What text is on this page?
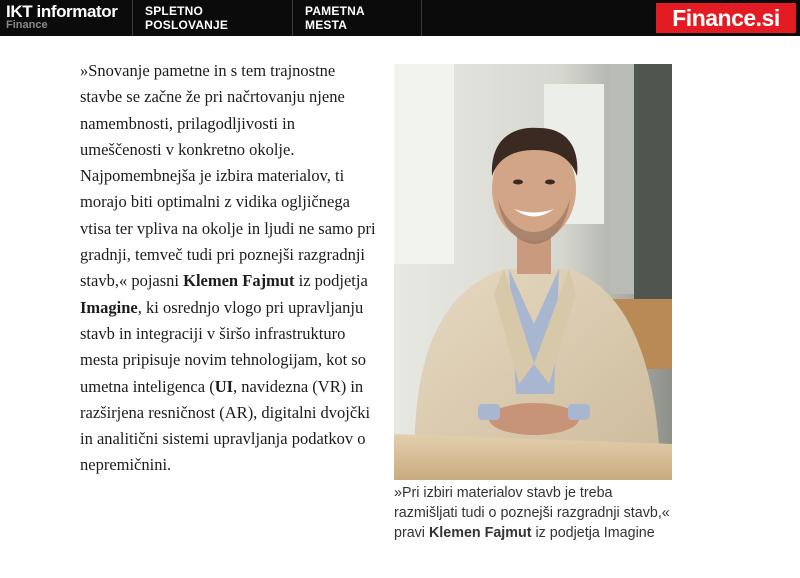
IKT informator
Finance
SPLETNO POSLOVANJE
PAMETNA MESTA	Finance.si
»Snovanje pametne in s tem trajnostne stavbe se začne že pri načrtovanju njene namembnosti, prilagodljivosti in umeščenosti v konkretno okolje. Najpomembnejša je izbira materialov, ti morajo biti optimalni z vidika ogljičnega vtisa ter vpliva na okolje in ljudi ne samo pri gradnji, temveč tudi pri poznejši razgradnji stavb,« pojasni Klemen Fajmut iz podjetja Imagine, ki osrednjo vlogo pri upravljanju stavb in integraciji v širšo infrastrukturo mesta pripisuje novim tehnologijam, kot so umetna inteligenca (UI, navidezna (VR) in razširjena resničnost (AR), digitalni dvojčki in analitični sistemi upravljanja podatkov o nepremičnini.
»Pri izbiri materialov stavb je treba razmišljati tudi o poznejši razgradnji stavb,« pravi Klemen Fajmut iz podjetja Imagine
